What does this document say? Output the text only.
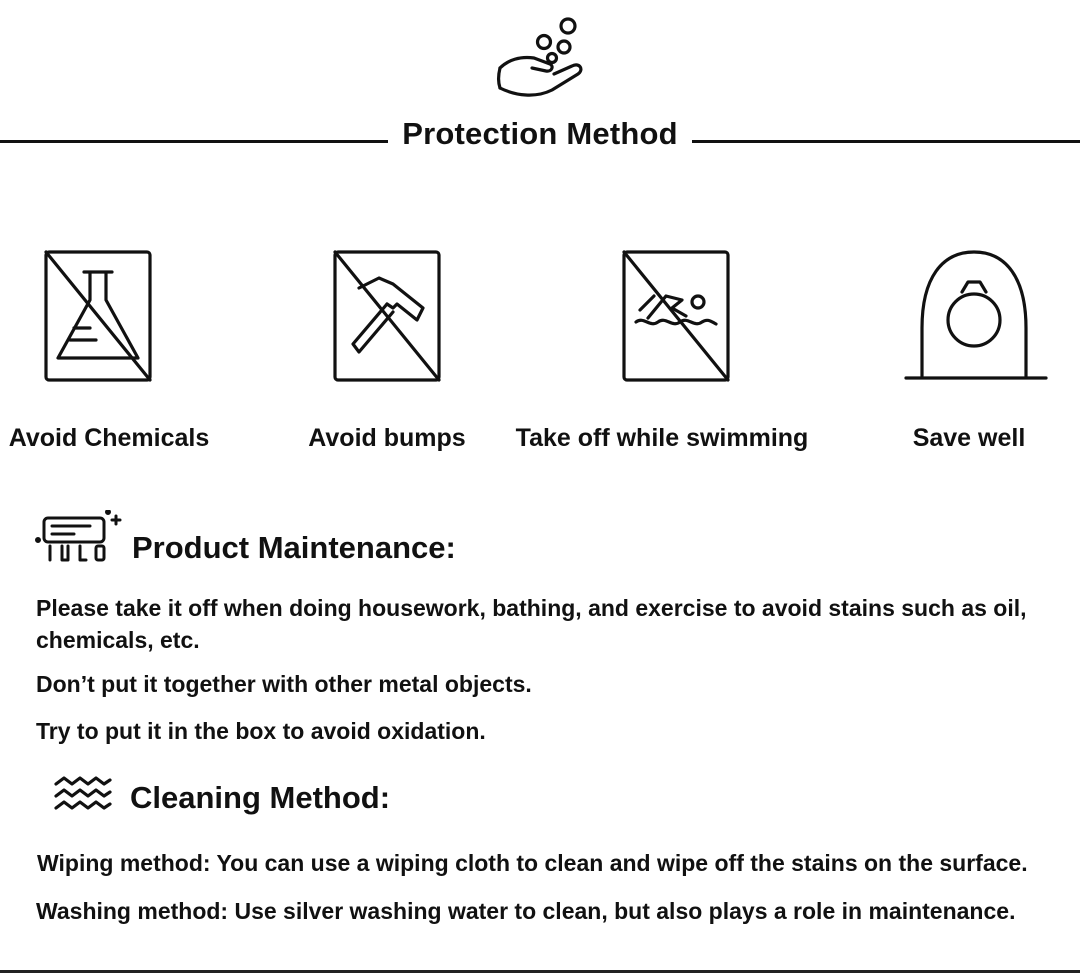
Protection Method
Avoid Chemicals	Avoid bumps	Take off while swimming	Save well
Product Maintenance:
Please take it off when doing housework, bathing, and exercise to avoid stains such as oil, chemicals, etc.
Don’t put it together with other metal objects.
Try to put it in the box to avoid oxidation.
Cleaning Method:
Wiping method: You can use a wiping cloth to clean and wipe off the stains on the surface.
Washing method: Use silver washing water to clean, but also plays a role in maintenance.
